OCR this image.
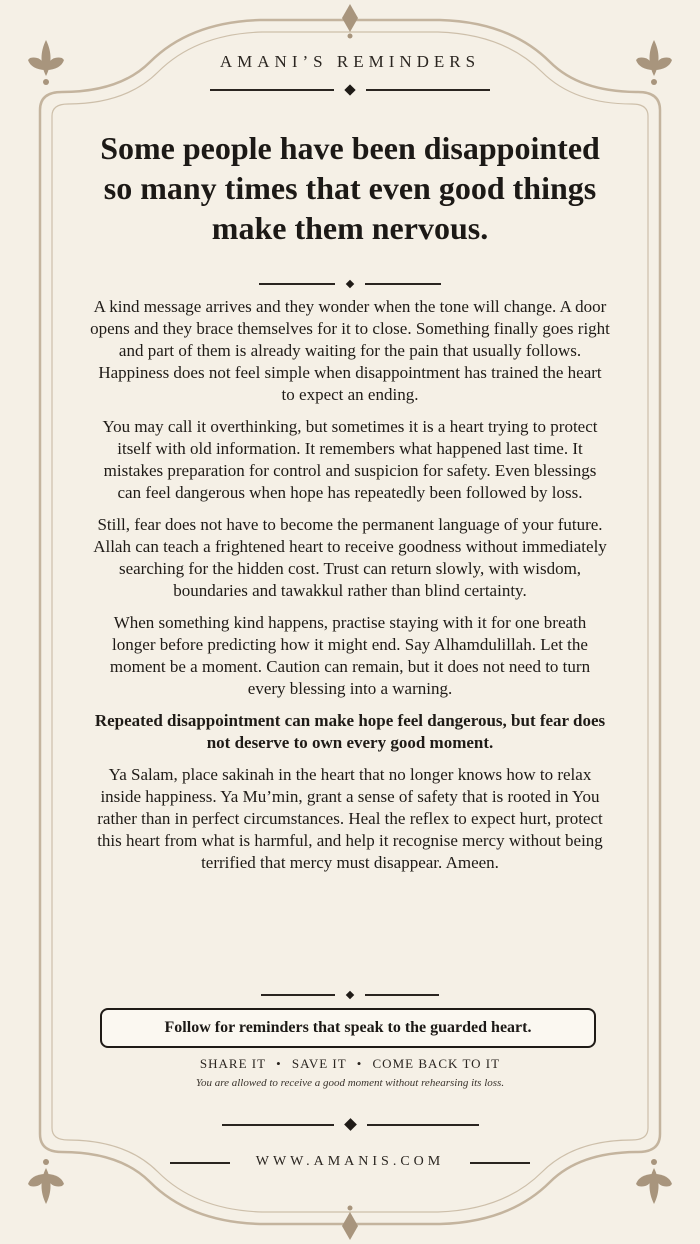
AMANI’S REMINDERS
Some people have been disappointed so many times that even good things make them nervous.

A kind message arrives and they wonder when the tone will change. A door opens and they brace themselves for it to close. Something finally goes right and part of them is already waiting for the pain that usually follows. Happiness does not feel simple when disappointment has trained the heart to expect an ending.

You may call it overthinking, but sometimes it is a heart trying to protect itself with old information. It remembers what happened last time. It mistakes preparation for control and suspicion for safety. Even blessings can feel dangerous when hope has repeatedly been followed by loss.

Still, fear does not have to become the permanent language of your future. Allah can teach a frightened heart to receive goodness without immediately searching for the hidden cost. Trust can return slowly, with wisdom, boundaries and tawakkul rather than blind certainty.

When something kind happens, practise staying with it for one breath longer before predicting how it might end. Say Alhamdulillah. Let the moment be a moment. Caution can remain, but it does not need to turn every blessing into a warning.

Repeated disappointment can make hope feel dangerous, but fear does not deserve to own every good moment.

Ya Salam, place sakinah in the heart that no longer knows how to relax inside happiness. Ya Mu’min, grant a sense of safety that is rooted in You rather than in perfect circumstances. Heal the reflex to expect hurt, protect this heart from what is harmful, and help it recognise mercy without being terrified that mercy must disappear. Ameen.

Follow for reminders that speak to the guarded heart.
SHARE IT • SAVE IT • COME BACK TO IT
You are allowed to receive a good moment without rehearsing its loss.
WWW.AMANIS.COM
